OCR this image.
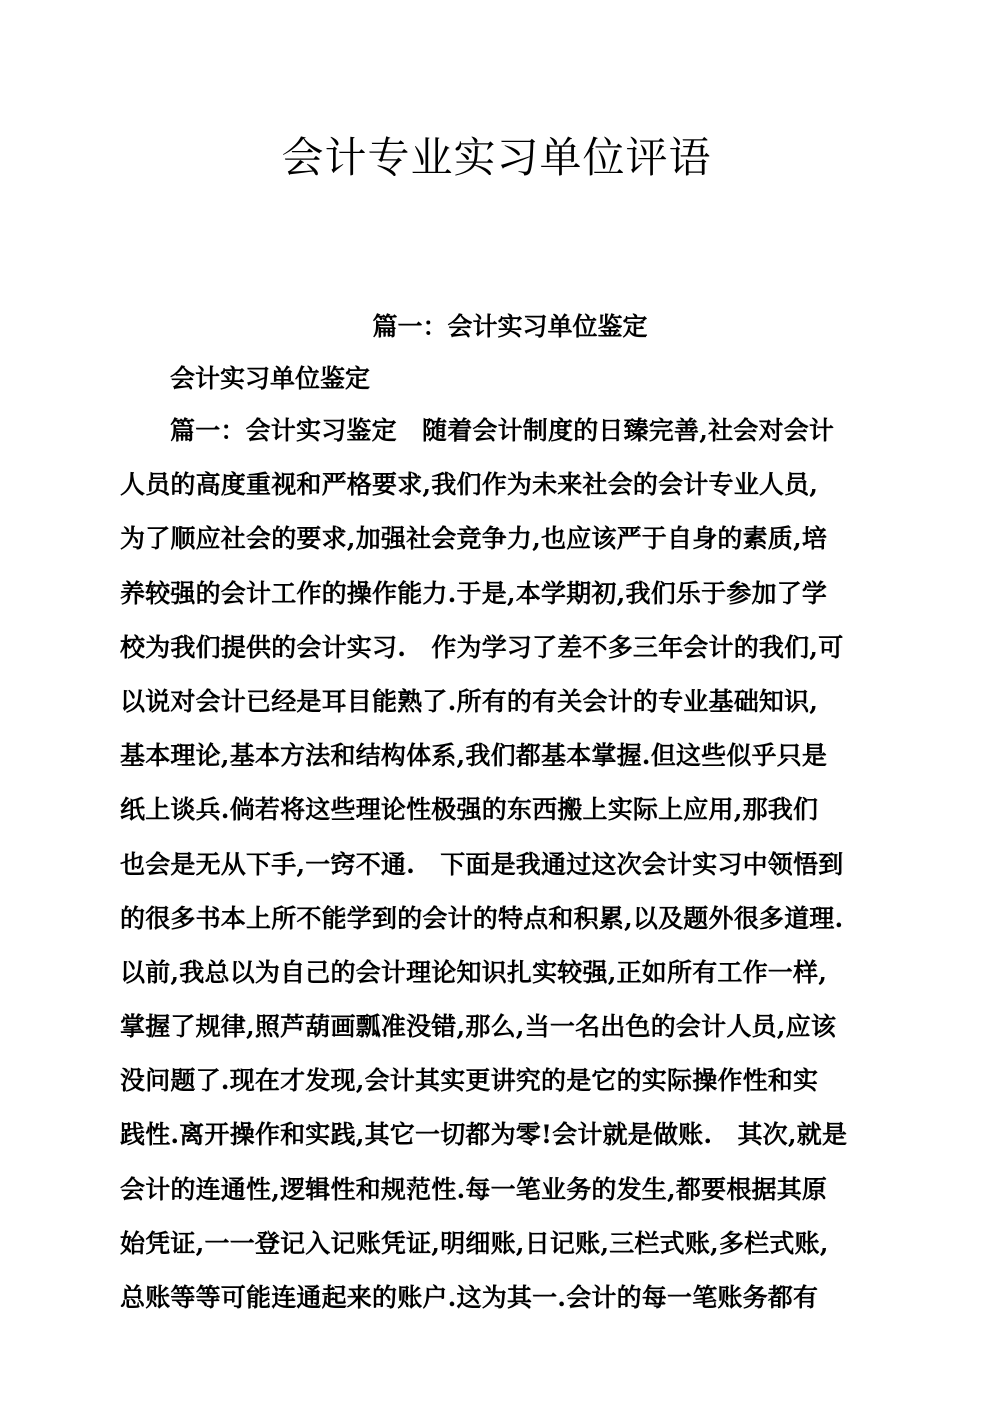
会计专业实习单位评语
篇一：会计实习单位鉴定

会计实习单位鉴定

篇一：会计实习鉴定　随着会计制度的日臻完善,社会对会计
人员的高度重视和严格要求,我们作为未来社会的会计专业人员,
为了顺应社会的要求,加强社会竞争力,也应该严于自身的素质,培
养较强的会计工作的操作能力.于是,本学期初,我们乐于参加了学
校为我们提供的会计实习.　作为学习了差不多三年会计的我们,可
以说对会计已经是耳目能熟了.所有的有关会计的专业基础知识,
基本理论,基本方法和结构体系,我们都基本掌握.但这些似乎只是
纸上谈兵.倘若将这些理论性极强的东西搬上实际上应用,那我们
也会是无从下手,一窍不通.　下面是我通过这次会计实习中领悟到
的很多书本上所不能学到的会计的特点和积累,以及题外很多道理.
以前,我总以为自己的会计理论知识扎实较强,正如所有工作一样,
掌握了规律,照芦葫画瓢准没错,那么,当一名出色的会计人员,应该
没问题了.现在才发现,会计其实更讲究的是它的实际操作性和实
践性.离开操作和实践,其它一切都为零!会计就是做账.　其次,就是
会计的连通性,逻辑性和规范性.每一笔业务的发生,都要根据其原
始凭证,一一登记入记账凭证,明细账,日记账,三栏式账,多栏式账,
总账等等可能连通起来的账户.这为其一.会计的每一笔账务都有
